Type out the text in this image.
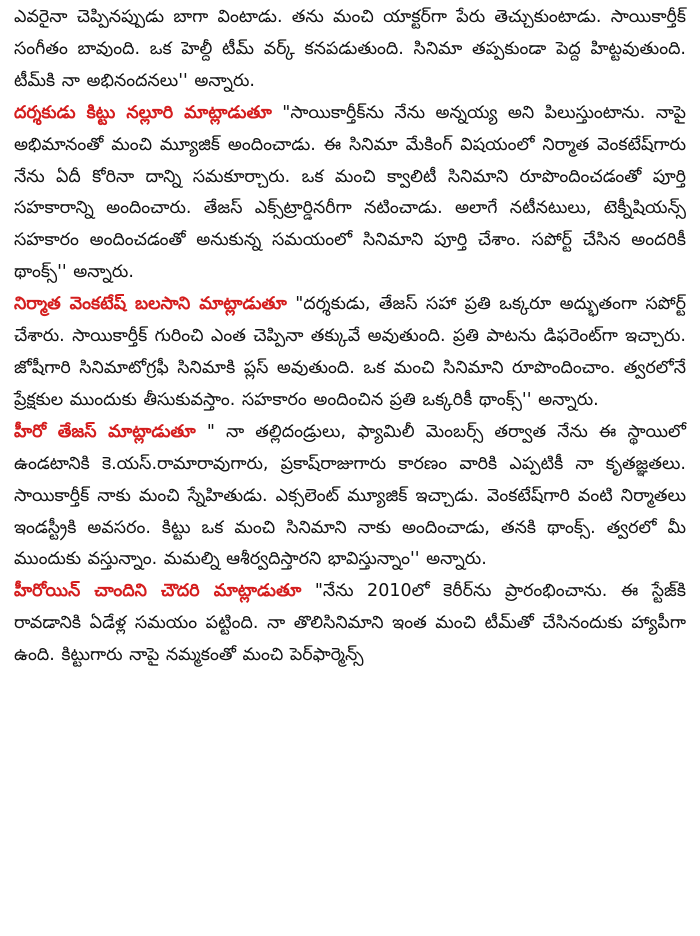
ఎవరైనా చెప్పినప్పుడు బాగా వింటాడు. తను మంచి యాక్టర్‌గా పేరు తెచ్చుకుంటాడు. సాయికార్తీక్ సంగీతం బావుంది. ఒక హెల్దీ టీమ్ వర్క్ కనపడుతుంది. సినిమా తప్పకుండా పెద్ద హిట్టవుతుంది. టీమ్‌కి నా అభినందనలు'' అన్నారు.

దర్శకుడు కిట్టు నల్లూరి మాట్లాడుతూ "సాయికార్తీక్‌ను నేను అన్నయ్య అని పిలుస్తుంటాను. నాపై అభిమానంతో మంచి మ్యూజిక్ అందించాడు. ఈ సినిమా మేకింగ్ విషయంలో నిర్మాత వెంకటేష్‌గారు నేను ఏదీ కోరినా దాన్ని సమకూర్చారు. ఒక మంచి క్వాలిటీ సినిమాని రూపొందించడంతో పూర్తి సహకారాన్ని అందించారు. తేజస్ ఎక్స్‌ట్రార్డినరీగా నటించాడు. అలాగే నటీనటులు, టెక్నీషియన్స్ సహకారం అందించడంతో అనుకున్న సమయంలో సినిమాని పూర్తి చేశాం. సపోర్ట్ చేసిన అందరికీ థాంక్స్'' అన్నారు.

నిర్మాత వెంకటేష్ బలసాని మాట్లాడుతూ "దర్శకుడు, తేజస్ సహా ప్రతి ఒక్కరూ అద్భుతంగా సపోర్ట్ చేశారు. సాయికార్తీక్ గురించి ఎంత చెప్పినా తక్కువే అవుతుంది. ప్రతి పాటను డిఫరెంట్‌గా ఇచ్చారు. జోషీగారి సినిమాటోగ్రఫీ సినిమాకి ప్లస్ అవుతుంది. ఒక మంచి సినిమాని రూపొందించాం. త్వరలోనే ప్రేక్షకుల ముందుకు తీసుకువస్తాం. సహకారం అందించిన ప్రతి ఒక్కరికీ థాంక్స్'' అన్నారు.

హీరో తేజస్ మాట్లాడుతూ " నా తల్లిదండ్రులు, ఫ్యామిలీ మెంబర్స్ తర్వాత నేను ఈ స్థాయిలో ఉండటానికి కె.యస్.రామారావుగారు, ప్రకాష్‌రాజుగారు కారణం వారికి ఎప్పటికీ నా కృతజ్ఞతలు. సాయికార్తీక్ నాకు మంచి స్నేహితుడు. ఎక్సలెంట్ మ్యూజిక్ ఇచ్చాడు. వెంకటేష్‌గారి వంటి నిర్మాతలు ఇండస్ట్రీకి అవసరం. కిట్టు ఒక మంచి సినిమాని నాకు అందించాడు, తనకి థాంక్స్. త్వరలో మీ ముందుకు వస్తున్నాం. మమల్ని ఆశీర్వదిస్తారని భావిస్తున్నాం'' అన్నారు.

హీరోయిన్ చాందిని చౌదరి మాట్లాడుతూ "నేను 2010లో కెరీర్‌ను ప్రారంభించాను. ఈ స్టేజ్‌కి రావడానికి ఏడేళ్ల సమయం పట్టింది. నా తొలిసినిమాని ఇంత మంచి టీమ్‌తో చేసినందుకు హ్యాపీగా ఉంది. కిట్టుగారు నాపై నమ్మకంతో మంచి పెర్‌ఫార్మెన్స్
